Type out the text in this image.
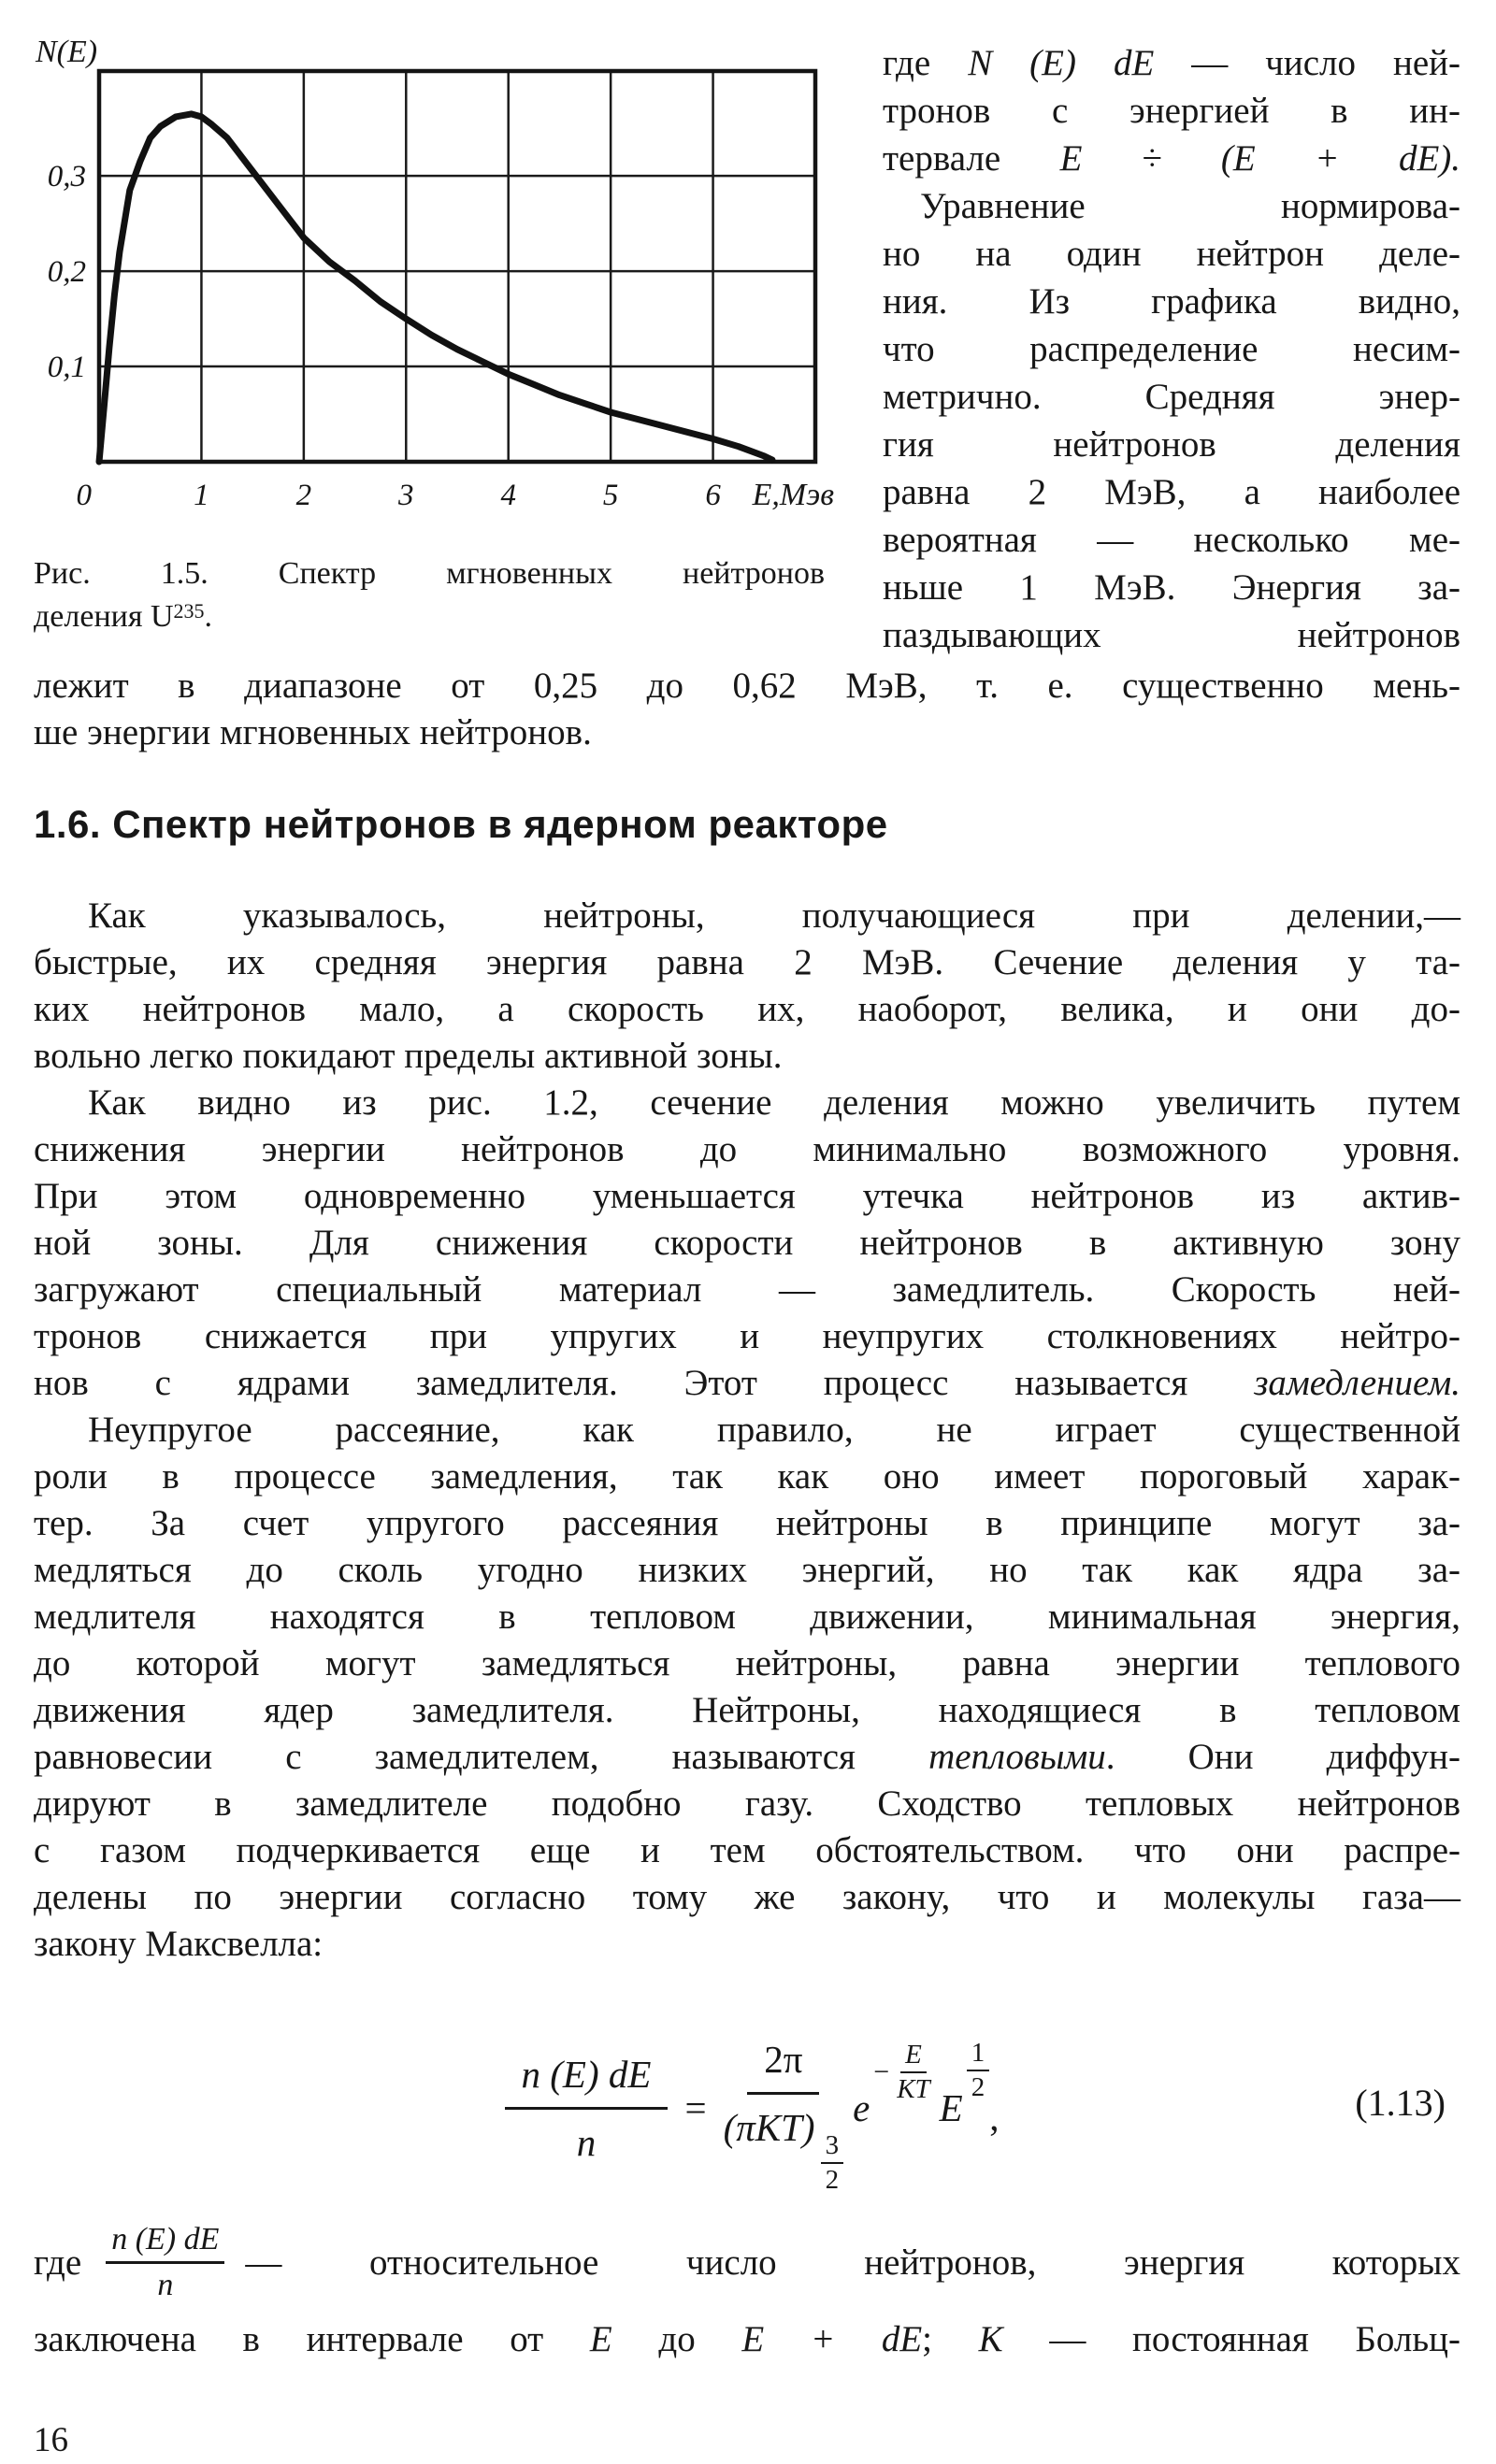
0	1	2	3	4	5	6
0,1
0,2
0,3
E,Мэв
N(E)
Рис. 1.5. Спектр мгновенных нейтронов
деления $U^{235}$.
где N (E) dE — число ней-
тронов с энергией в ин-
тервале E ÷ (E + dE).
Уравнение нормирова-
но на один нейтрон деле-
ния. Из графика видно,
что распределение несим-
метрично. Средняя энер-
гия нейтронов деления
равна 2 МэВ, а наиболее
вероятная — несколько ме-
ньше 1 МэВ. Энергия за-
паздывающих нейтронов
лежит в диапазоне от 0,25 до 0,62 МэВ, т. е. существенно мень-
ше энергии мгновенных нейтронов.
1.6. Спектр нейтронов в ядерном реакторе
Как указывалось, нейтроны, получающиеся при делении,—
быстрые, их средняя энергия равна 2 МэВ. Сечение деления у та-
ких нейтронов мало, а скорость их, наоборот, велика, и они до-
вольно легко покидают пределы активной зоны.
Как видно из рис. 1.2, сечение деления можно увеличить путем
снижения энергии нейтронов до минимально возможного уровня.
При этом одновременно уменьшается утечка нейтронов из актив-
ной зоны. Для снижения скорости нейтронов в активную зону
загружают специальный материал — замедлитель. Скорость ней-
тронов снижается при упругих и неупругих столкновениях нейтро-
нов с ядрами замедлителя. Этот процесс называется замедлением.
Неупругое рассеяние, как правило, не играет существенной
роли в процессе замедления, так как оно имеет пороговый харак-
тер. За счет упругого рассеяния нейтроны в принципе могут за-
медляться до сколь угодно низких энергий, но так как ядра за-
медлителя находятся в тепловом движении, минимальная энергия,
до которой могут замедляться нейтроны, равна энергии теплового
движения ядер замедлителя. Нейтроны, находящиеся в тепловом
равновесии с замедлителем, называются тепловыми. Они диффун-
дируют в замедлителе подобно газу. Сходство тепловых нейтронов
с газом подчеркивается еще и тем обстоятельством. что они распре-
делены по энергии согласно тому же закону, что и молекулы газа—
закону Максвелла:
$\frac{n (E) dE}{n}$ =
2π
(πKT)
$\frac{3}{2}$
e
− $\frac{E}{KT}$
E
1
2
,	(1.13)
где
n (E) dE
n
— относительное число нейтронов, энергия которых
заключена в интервале от E до E + dE; K — постоянная Больц-
16
